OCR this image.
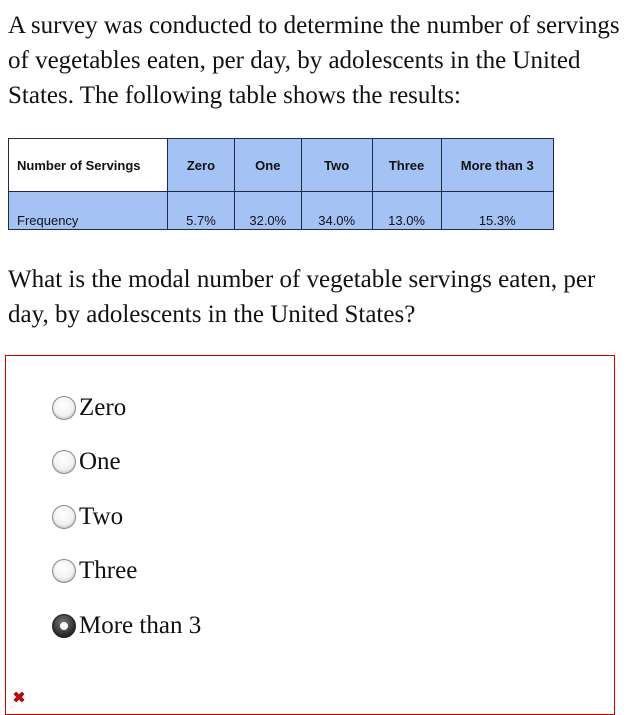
A survey was conducted to determine the number of servings of vegetables eaten, per day, by adolescents in the United States. The following table shows the results:

Number of Servings	Zero	One	Two	Three	More than 3
Frequency	5.7%	32.0%	34.0%	13.0%	15.3%

What is the modal number of vegetable servings eaten, per day, by adolescents in the United States?

Zero
One
Two
Three
More than 3
